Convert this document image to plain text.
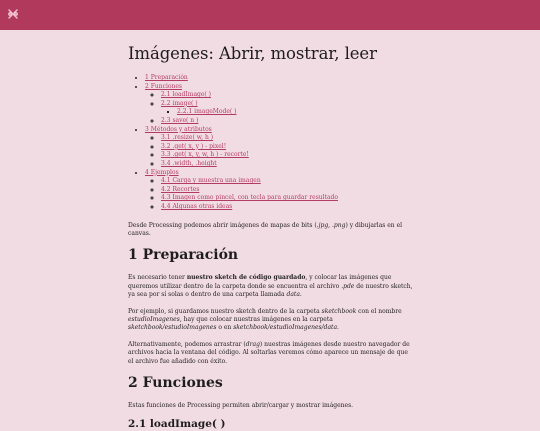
Imágenes: Abrir, mostrar, leer
• 1 Preparación
• 2 Funciones
◦ 2.1 loadImage( )
◦ 2.2 image( )
▪ 2.2.1 imageMode( )
◦ 2.3 save( n )
• 3 Métodos y atributos
◦ 3.1 .resize( w, h )
◦ 3.2 .get( x, y ) - pixel!
◦ 3.3 .get( x, y, w, h ) - recorte!
◦ 3.4 .width, .height
• 4 Ejemplos
◦ 4.1 Carga y muestra una imagen
◦ 4.2 Recortes
◦ 4.3 Imagen como pincel, con tecla para guardar resultado
◦ 4.4 Algunas otras ideas

Desde Processing podemos abrir imágenes de mapas de bits (.jpg, .png) y dibujarlas en el canvas.

1 Preparación

Es necesario tener nuestro sketch de código guardado, y colocar las imágenes que queremos utilizar dentro de la carpeta donde se encuentra el archivo .pde de nuestro sketch, ya sea por sí solas o dentro de una carpeta llamada data.

Por ejemplo, si guardamos nuestro sketch dentro de la carpeta sketchbook con el nombre estudioImagenes, hay que colocar nuestras imágenes en la carpeta sketchbook/estudioImagenes o en sketchbook/estudioImagenes/data.

Alternativamente, podemos arrastrar (drag) nuestras imágenes desde nuestro navegador de archivos hacia la ventana del código. Al soltarlas veremos cómo aparece un mensaje de que el archivo fue añadido con éxito.

2 Funciones

Estas funciones de Processing permiten abrir/cargar y mostrar imágenes.

2.1 loadImage( )
